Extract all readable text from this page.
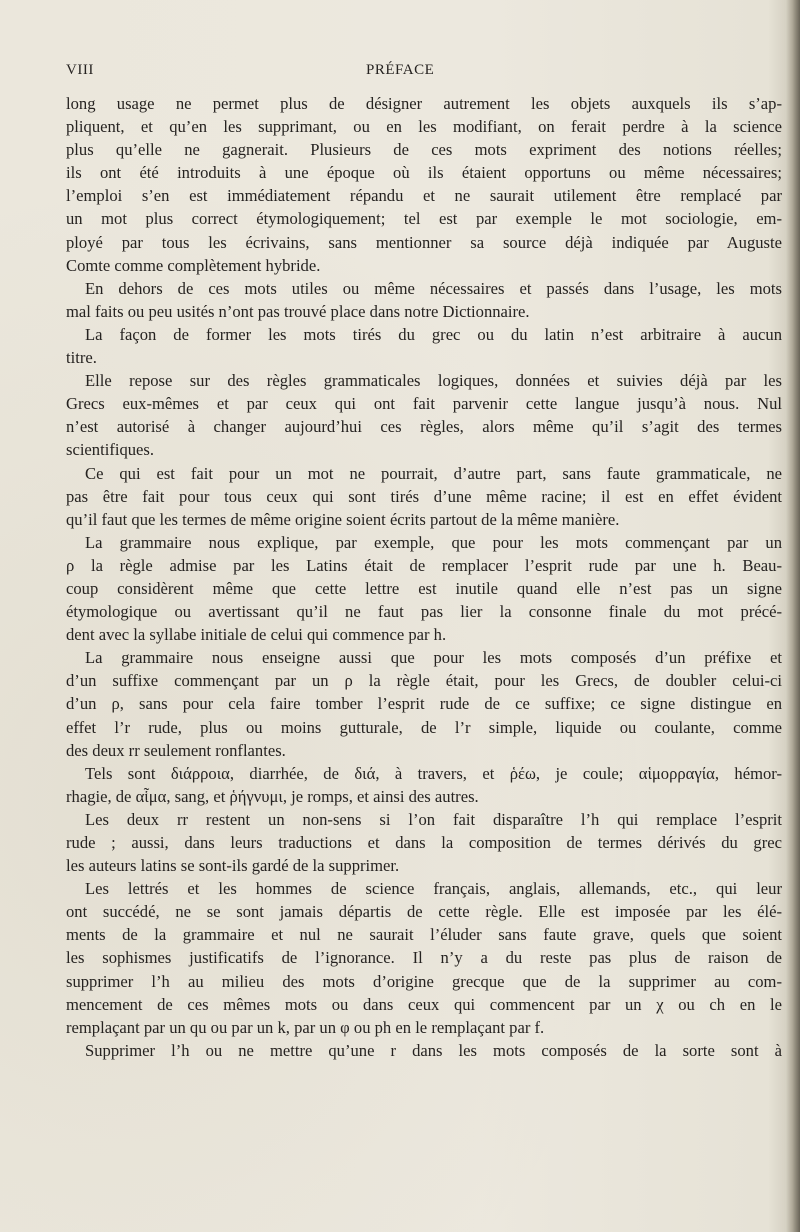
VIII	PRÉFACE
long usage ne permet plus de désigner autrement les objets auxquels ils s’ap-
pliquent, et qu’en les supprimant, ou en les modifiant, on ferait perdre à la science
plus qu’elle ne gagnerait. Plusieurs de ces mots expriment des notions réelles;
ils ont été introduits à une époque où ils étaient opportuns ou même nécessaires;
l’emploi s’en est immédiatement répandu et ne saurait utilement être remplacé par
un mot plus correct étymologiquement; tel est par exemple le mot sociologie, em-
ployé par tous les écrivains, sans mentionner sa source déjà indiquée par Auguste
Comte comme complètement hybride.
En dehors de ces mots utiles ou même nécessaires et passés dans l’usage, les mots
mal faits ou peu usités n’ont pas trouvé place dans notre Dictionnaire.
La façon de former les mots tirés du grec ou du latin n’est arbitraire à aucun
titre.
Elle repose sur des règles grammaticales logiques, données et suivies déjà par les
Grecs eux-mêmes et par ceux qui ont fait parvenir cette langue jusqu’à nous. Nul
n’est autorisé à changer aujourd’hui ces règles, alors même qu’il s’agit des termes
scientifiques.
Ce qui est fait pour un mot ne pourrait, d’autre part, sans faute grammaticale, ne
pas être fait pour tous ceux qui sont tirés d’une même racine; il est en effet évident
qu’il faut que les termes de même origine soient écrits partout de la même manière.
La grammaire nous explique, par exemple, que pour les mots commençant par un
ρ la règle admise par les Latins était de remplacer l’esprit rude par une h. Beau-
coup considèrent même que cette lettre est inutile quand elle n’est pas un signe
étymologique ou avertissant qu’il ne faut pas lier la consonne finale du mot précé-
dent avec la syllabe initiale de celui qui commence par h.
La grammaire nous enseigne aussi que pour les mots composés d’un préfixe et
d’un suffixe commençant par un ρ la règle était, pour les Grecs, de doubler celui-ci
d’un ρ, sans pour cela faire tomber l’esprit rude de ce suffixe; ce signe distingue en
effet l’r rude, plus ou moins gutturale, de l’r simple, liquide ou coulante, comme
des deux rr seulement ronflantes.
Tels sont διάρροια, diarrhée, de διά, à travers, et ῥέω, je coule; αἱμορραγία, hémor-
rhagie, de αἷμα, sang, et ῥήγνυμι, je romps, et ainsi des autres.
Les deux rr restent un non-sens si l’on fait disparaître l’h qui remplace l’esprit
rude ; aussi, dans leurs traductions et dans la composition de termes dérivés du grec
les auteurs latins se sont-ils gardé de la supprimer.
Les lettrés et les hommes de science français, anglais, allemands, etc., qui leur
ont succédé, ne se sont jamais départis de cette règle. Elle est imposée par les élé-
ments de la grammaire et nul ne saurait l’éluder sans faute grave, quels que soient
les sophismes justificatifs de l’ignorance. Il n’y a du reste pas plus de raison de
supprimer l’h au milieu des mots d’origine grecque que de la supprimer au com-
mencement de ces mêmes mots ou dans ceux qui commencent par un χ ou ch en le
remplaçant par un qu ou par un k, par un φ ou ph en le remplaçant par f.
Supprimer l’h ou ne mettre qu’une r dans les mots composés de la sorte sont à
